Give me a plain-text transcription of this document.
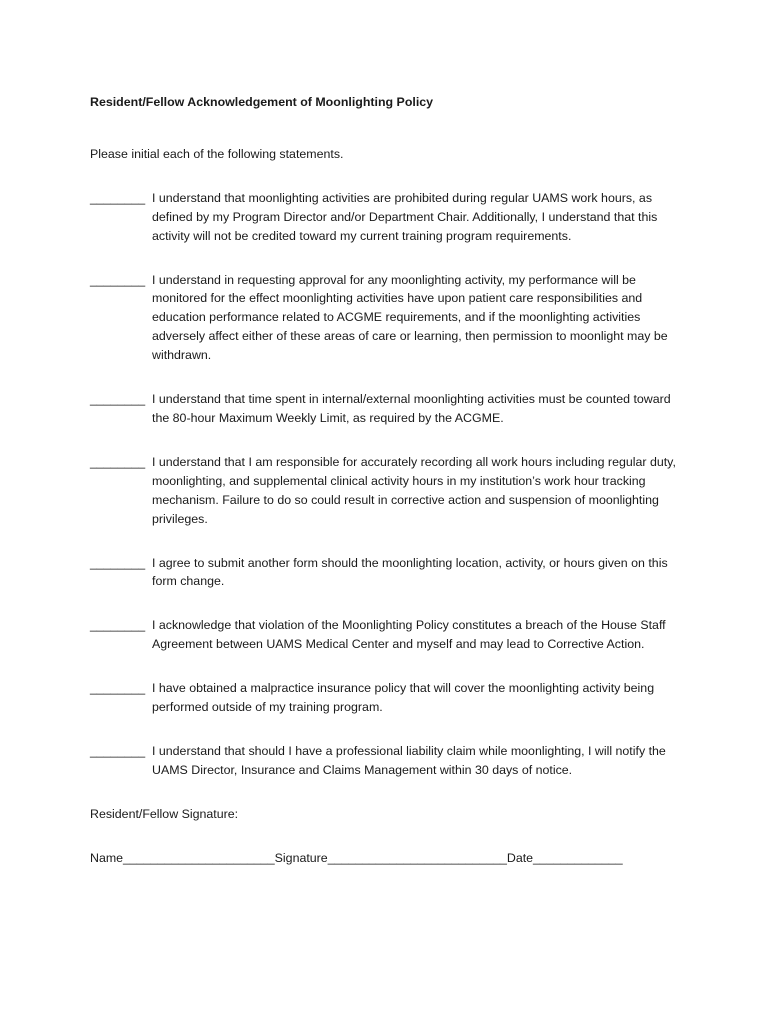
Resident/Fellow Acknowledgement of Moonlighting Policy
Please initial each of the following statements.
________ I understand that moonlighting activities are prohibited during regular UAMS work hours, as defined by my Program Director and/or Department Chair. Additionally, I understand that this activity will not be credited toward my current training program requirements.
________ I understand in requesting approval for any moonlighting activity, my performance will be monitored for the effect moonlighting activities have upon patient care responsibilities and education performance related to ACGME requirements, and if the moonlighting activities adversely affect either of these areas of care or learning, then permission to moonlight may be withdrawn.
________ I understand that time spent in internal/external moonlighting activities must be counted toward the 80-hour Maximum Weekly Limit, as required by the ACGME.
________ I understand that I am responsible for accurately recording all work hours including regular duty, moonlighting, and supplemental clinical activity hours in my institution’s work hour tracking mechanism. Failure to do so could result in corrective action and suspension of moonlighting privileges.
________ I agree to submit another form should the moonlighting location, activity, or hours given on this form change.
________ I acknowledge that violation of the Moonlighting Policy constitutes a breach of the House Staff Agreement between UAMS Medical Center and myself and may lead to Corrective Action.
________ I have obtained a malpractice insurance policy that will cover the moonlighting activity being performed outside of my training program.
________ I understand that should I have a professional liability claim while moonlighting, I will notify the UAMS Director, Insurance and Claims Management within 30 days of notice.
Resident/Fellow Signature:
Name______________________Signature__________________________Date_____________
